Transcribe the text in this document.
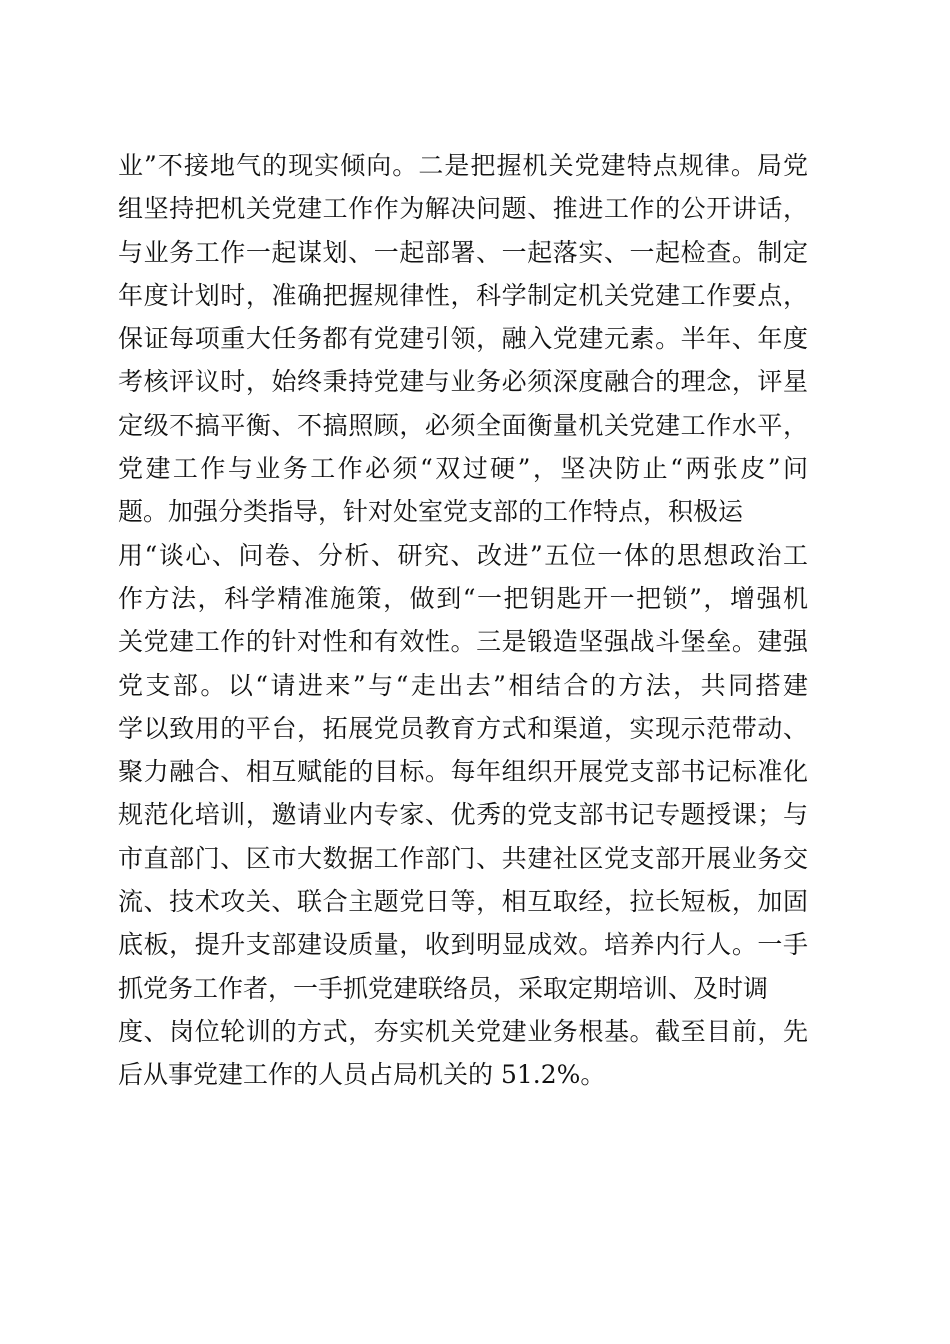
业”不接地气的现实倾向。二是把握机关党建特点规律。局党
组坚持把机关党建工作作为解决问题、推进工作的公开讲话，
与业务工作一起谋划、一起部署、一起落实、一起检查。制定
年度计划时，准确把握规律性，科学制定机关党建工作要点，
保证每项重大任务都有党建引领，融入党建元素。半年、年度
考核评议时，始终秉持党建与业务必须深度融合的理念，评星
定级不搞平衡、不搞照顾，必须全面衡量机关党建工作水平，
党建工作与业务工作必须“双过硬”，坚决防止“两张皮”问
题。加强分类指导，针对处室党支部的工作特点，积极运
用“谈心、问卷、分析、研究、改进”五位一体的思想政治工
作方法，科学精准施策，做到“一把钥匙开一把锁”，增强机
关党建工作的针对性和有效性。三是锻造坚强战斗堡垒。建强
党支部。以“请进来”与“走出去”相结合的方法，共同搭建
学以致用的平台，拓展党员教育方式和渠道，实现示范带动、
聚力融合、相互赋能的目标。每年组织开展党支部书记标准化
规范化培训，邀请业内专家、优秀的党支部书记专题授课；与
市直部门、区市大数据工作部门、共建社区党支部开展业务交
流、技术攻关、联合主题党日等，相互取经，拉长短板，加固
底板，提升支部建设质量，收到明显成效。培养内行人。一手
抓党务工作者，一手抓党建联络员，采取定期培训、及时调
度、岗位轮训的方式，夯实机关党建业务根基。截至目前，先
后从事党建工作的人员占局机关的 51.2%。
